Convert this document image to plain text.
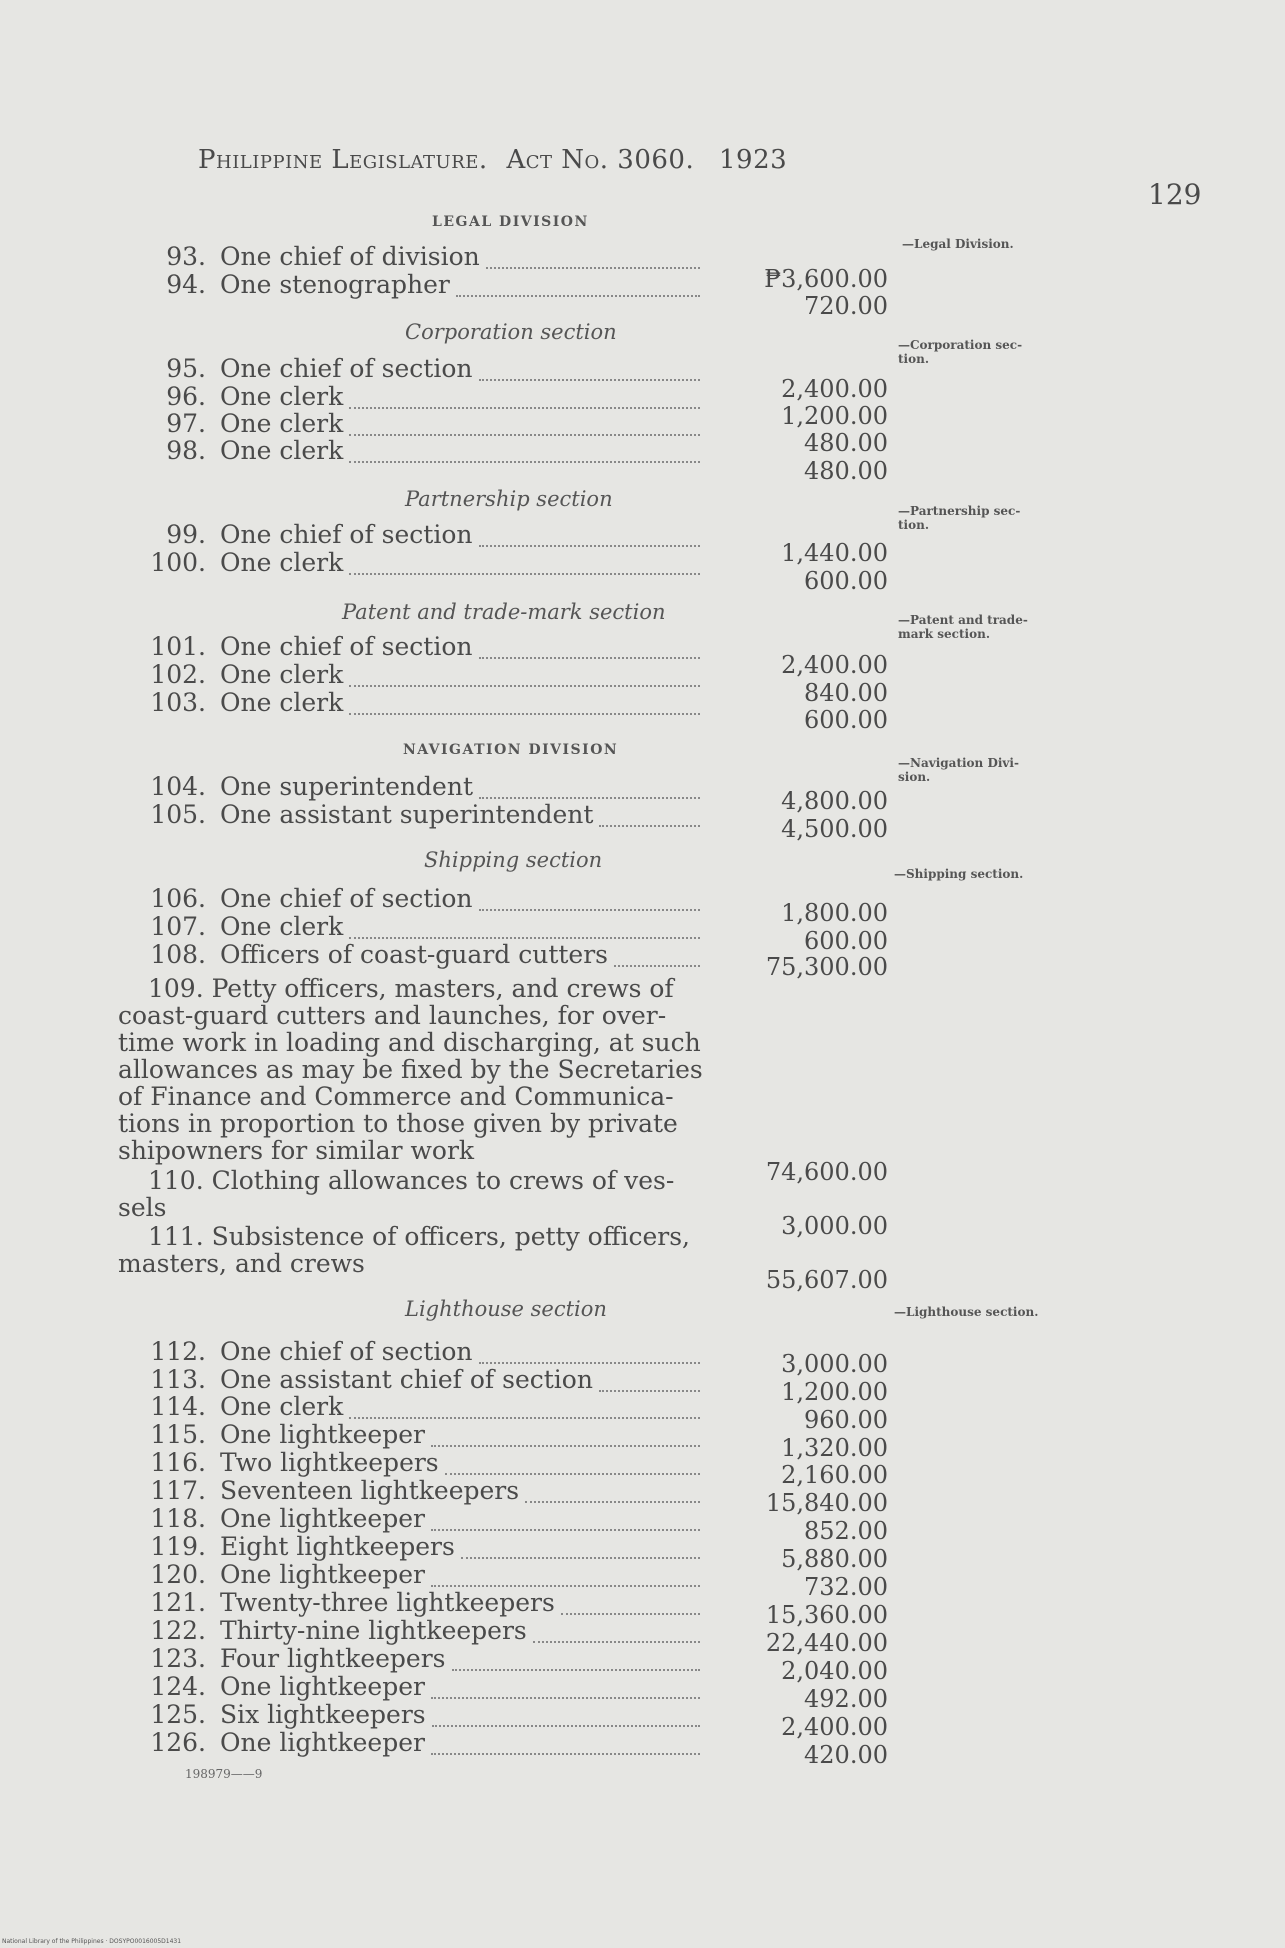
Philippine Legislature. Act No. 3060. 1923
129
LEGAL DIVISION
Corporation section
Partnership section
Patent and trade-mark section
NAVIGATION DIVISION
Shipping section
Lighthouse section
—Legal Division.
—Corporation sec-
tion.
—Partnership sec-
tion.
—Patent and trade-
mark section.
—Navigation Divi-
sion.
—Shipping section.
—Lighthouse section.
93. One chief of division
94. One stenographer
95. One chief of section
96. One clerk
97. One clerk
98. One clerk
99. One chief of section
100. One clerk
101. One chief of section
102. One clerk
103. One clerk
104. One superintendent
105. One assistant superintendent
106. One chief of section
107. One clerk
108. Officers of coast-guard cutters
112. One chief of section
113. One assistant chief of section
114. One clerk
115. One lightkeeper
116. Two lightkeepers
117. Seventeen lightkeepers
118. One lightkeeper
119. Eight lightkeepers
120. One lightkeeper
121. Twenty-three lightkeepers
122. Thirty-nine lightkeepers
123. Four lightkeepers
124. One lightkeeper
125. Six lightkeepers
126. One lightkeeper
109. Petty officers, masters, and crews of
coast-guard cutters and launches, for over-
time work in loading and discharging, at such
allowances as may be fixed by the Secretaries
of Finance and Commerce and Communica-
tions in proportion to those given by private
shipowners for similar work
110. Clothing allowances to crews of ves-
sels
111. Subsistence of officers, petty officers,
masters, and crews
₱3,600.00
720.00
2,400.00
1,200.00
480.00
480.00
1,440.00
600.00
2,400.00
840.00
600.00
4,800.00
4,500.00
1,800.00
600.00
75,300.00
74,600.00
3,000.00
55,607.00
3,000.00
1,200.00
960.00
1,320.00
2,160.00
15,840.00
852.00
5,880.00
732.00
15,360.00
22,440.00
2,040.00
492.00
2,400.00
420.00
198979——9
National Library of the Philippines · DOSYPO0016005D1431
